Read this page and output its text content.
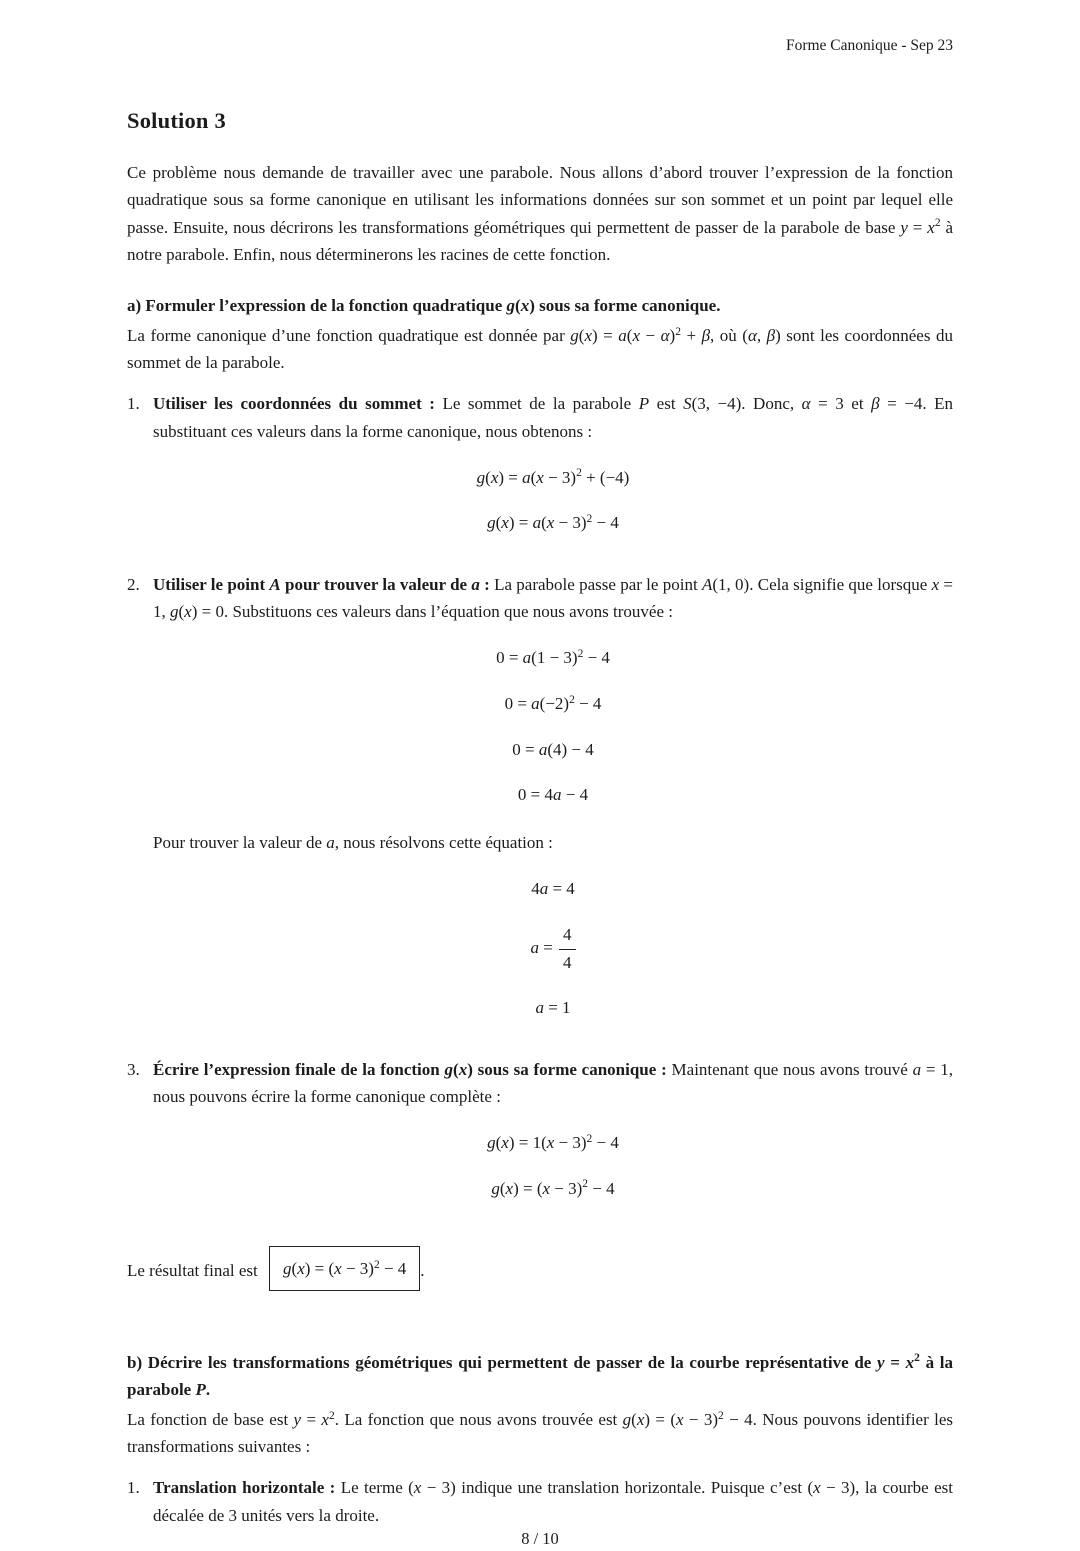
Forme Canonique - Sep 23
Solution 3

Ce problème nous demande de travailler avec une parabole. Nous allons d’abord trouver l’expression de la fonction quadratique sous sa forme canonique en utilisant les informations données sur son sommet et un point par lequel elle passe. Ensuite, nous décrirons les transformations géométriques qui permettent de passer de la parabole de base $y = x^2$ à notre parabole. Enfin, nous déterminerons les racines de cette fonction.

a) Formuler l’expression de la fonction quadratique g(x) sous sa forme canonique.

La forme canonique d’une fonction quadratique est donnée par $g(x) = a(x - \alpha)^2 + \beta$, où (α, β) sont les coordonnées du sommet de la parabole.

1. Utiliser les coordonnées du sommet : Le sommet de la parabole P est S(3, −4). Donc, α = 3 et β = −4. En substituant ces valeurs dans la forme canonique, nous obtenons :

$g(x) = a(x - 3)^2 + (-4)$
$g(x) = a(x - 3)^2 - 4$
2. Utiliser le point A pour trouver la valeur de a : La parabole passe par le point A(1, 0). Cela signifie que lorsque x = 1, g(x) = 0. Substituons ces valeurs dans l’équation que nous avons trouvée :

$0 = a(1 - 3)^2 - 4$
$0 = a(-2)^2 - 4$
0 = a(4) − 4
0 = 4a − 4

Pour trouver la valeur de a, nous résolvons cette équation :

4a = 4
$a = \frac{4}{4}$
a = 1
3. Écrire l’expression finale de la fonction g(x) sous sa forme canonique : Maintenant que nous avons trouvé a = 1, nous pouvons écrire la forme canonique complète :

$g(x) = 1(x - 3)^2 - 4$
$g(x) = (x - 3)^2 - 4$

Le résultat final est $g(x) = (x - 3)^2 - 4$ .

b) Décrire les transformations géométriques qui permettent de passer de la courbe représentative de $y = x^2$ à la parabole P.

La fonction de base est $y = x^2$. La fonction que nous avons trouvée est $g(x) = (x - 3)^2 - 4$. Nous pouvons identifier les transformations suivantes :

1. Translation horizontale : Le terme (x − 3) indique une translation horizontale. Puisque c’est (x − 3), la courbe est décalée de 3 unités vers la droite.

8 / 10
